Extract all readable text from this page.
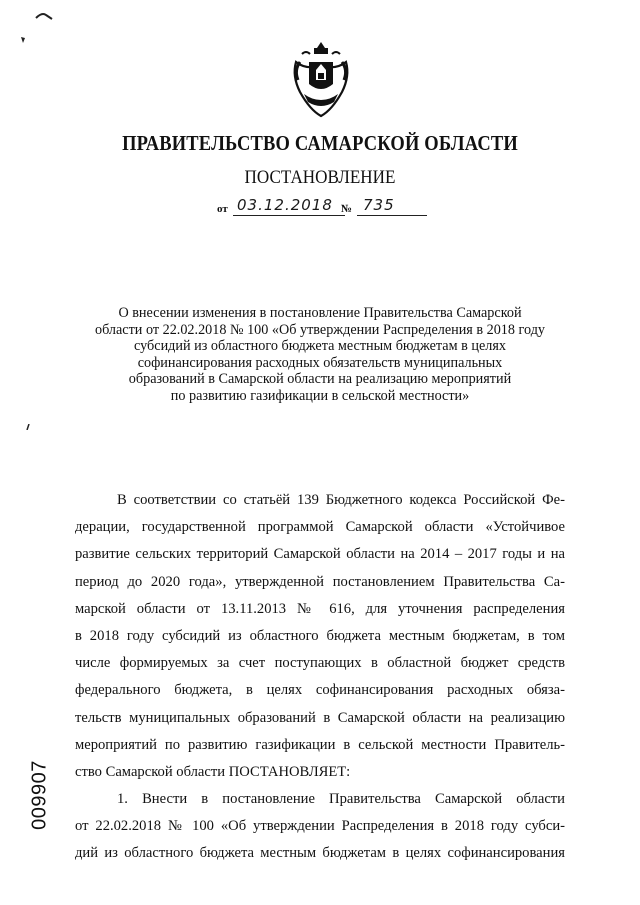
ПРАВИТЕЛЬСТВО САМАРСКОЙ ОБЛАСТИ
ПОСТАНОВЛЕНИЕ
от 03.12.2018 № 735
О внесении изменения в постановление Правительства Самарской
области от 22.02.2018 № 100 «Об утверждении Распределения в 2018 году
субсидий из областного бюджета местным бюджетам в целях
софинансирования расходных обязательств муниципальных
образований в Самарской области на реализацию мероприятий
по развитию газификации в сельской местности»
В соответствии со статьёй 139 Бюджетного кодекса Российской Фе-
дерации, государственной программой Самарской области «Устойчивое
развитие сельских территорий Самарской области на 2014 – 2017 годы и на
период до 2020 года», утвержденной постановлением Правительства Са-
марской области от 13.11.2013 № 616, для уточнения распределения
в 2018 году субсидий из областного бюджета местным бюджетам, в том
числе формируемых за счет поступающих в областной бюджет средств
федерального бюджета, в целях софинансирования расходных обяза-
тельств муниципальных образований в Самарской области на реализацию
мероприятий по развитию газификации в сельской местности Правитель-
ство Самарской области ПОСТАНОВЛЯЕТ:
1. Внести в постановление Правительства Самарской области
от 22.02.2018 № 100 «Об утверждении Распределения в 2018 году субси-
дий из областного бюджета местным бюджетам в целях софинансирования
009907
